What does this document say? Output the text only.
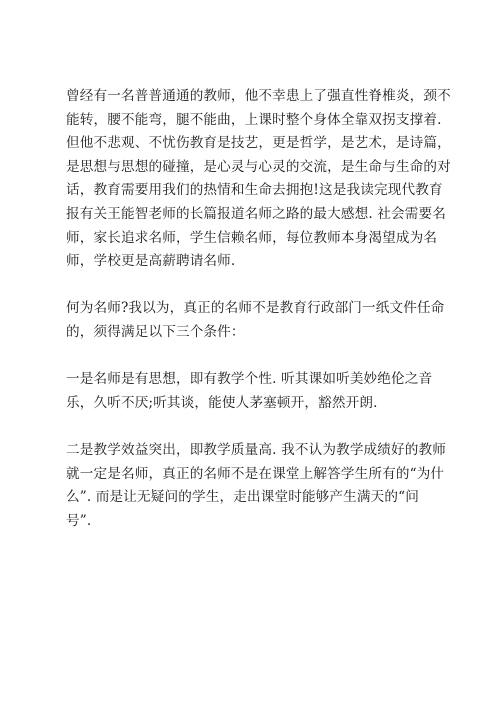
曾经有一名普普通通的教师，他不幸患上了强直性脊椎炎，颈不
能转，腰不能弯，腿不能曲，上课时整个身体全靠双拐支撑着.
但他不悲观、不忧伤教育是技艺，更是哲学，是艺术，是诗篇，
是思想与思想的碰撞，是心灵与心灵的交流，是生命与生命的对
话，教育需要用我们的热情和生命去拥抱!这是我读完现代教育
报有关王能智老师的长篇报道名师之路的最大感想. 社会需要名
师，家长追求名师，学生信赖名师，每位教师本身渴望成为名
师，学校更是高薪聘请名师.

何为名师?我以为，真正的名师不是教育行政部门一纸文件任命
的，须得满足以下三个条件：

一是名师是有思想，即有教学个性. 听其课如听美妙绝伦之音
乐，久听不厌;听其谈，能使人茅塞顿开，豁然开朗.

二是教学效益突出，即教学质量高. 我不认为教学成绩好的教师
就一定是名师，真正的名师不是在课堂上解答学生所有的“为什
么”. 而是让无疑问的学生，走出课堂时能够产生满天的“问
号”.
